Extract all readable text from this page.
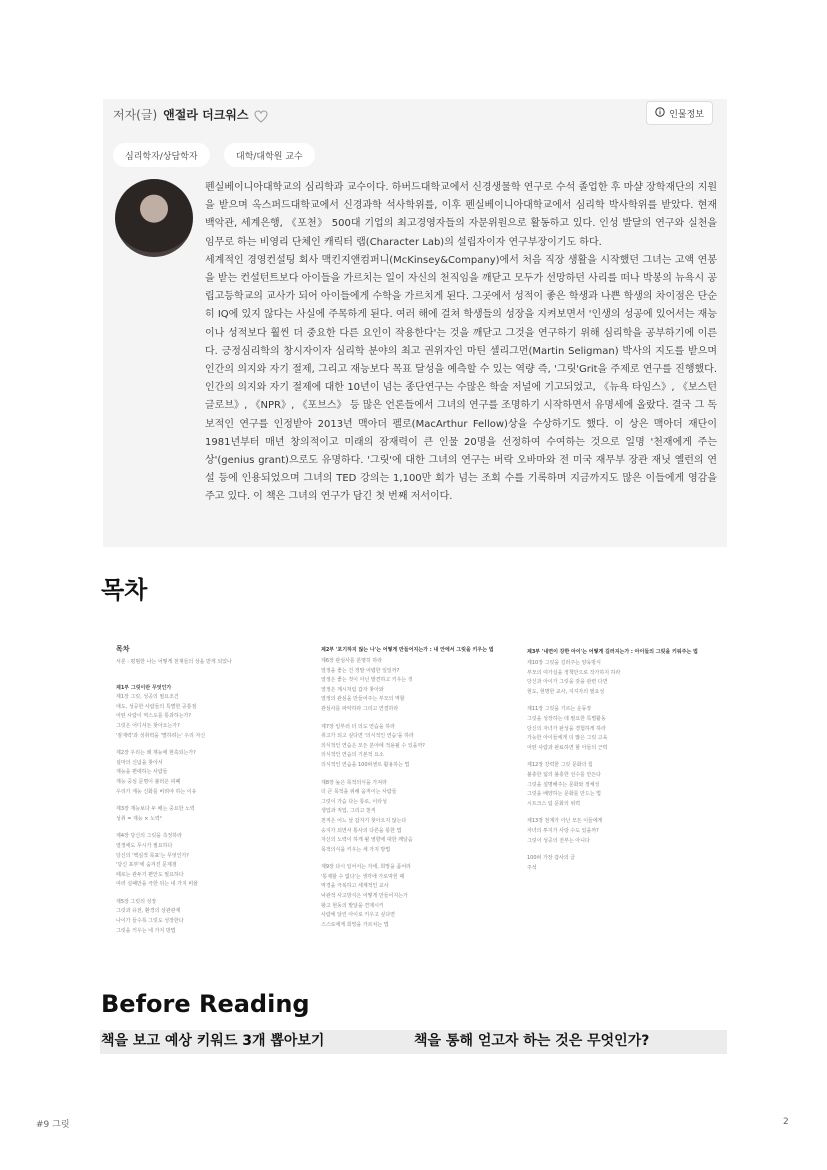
저자(글) 앤절라 더크워스	인물정보
심리학자/상담학자	대학/대학원 교수

펜실베이니아대학교의 심리학과 교수이다. 하버드대학교에서 신경생물학 연구로 수석 졸업한 후 마샬 장학재단의 지원을 받으며 옥스퍼드대학교에서 신경과학 석사학위를, 이후 펜실베이니아대학교에서 심리학 박사학위를 받았다. 현재 백악관, 세계은행, 《포천》 500대 기업의 최고경영자들의 자문위원으로 활동하고 있다. 인성 발달의 연구와 실천을 임무로 하는 비영리 단체인 캐릭터 랩(Character Lab)의 설립자이자 연구부장이기도 하다.

세계적인 경영컨설팅 회사 맥킨지앤컴퍼니(McKinsey&Company)에서 처음 직장 생활을 시작했던 그녀는 고액 연봉을 받는 컨설턴트보다 아이들을 가르치는 일이 자신의 천직임을 깨닫고 모두가 선망하던 사리를 떠나 박봉의 뉴욕시 공립고등학교의 교사가 되어 아이들에게 수학을 가르치게 된다. 그곳에서 성적이 좋은 학생과 나쁜 학생의 차이점은 단순히 IQ에 있지 않다는 사실에 주목하게 된다. 여러 해에 걸쳐 학생들의 성장을 지켜보면서 '인생의 성공에 있어서는 재능이나 성적보다 훨씬 더 중요한 다른 요인이 작용한다'는 것을 깨닫고 그것을 연구하기 위해 심리학을 공부하기에 이른다. 긍정심리학의 창시자이자 심리학 분야의 최고 권위자인 마틴 셀리그먼(Martin Seligman) 박사의 지도를 받으며 인간의 의지와 자기 절제, 그리고 재능보다 목표 달성을 예측할 수 있는 역량 즉, '그릿'Grit을 주제로 연구를 진행했다. 인간의 의지와 자기 절제에 대한 10년이 넘는 종단연구는 수많은 학술 저널에 기고되었고, 《뉴욕 타임스》, 《보스턴 글로브》, 《NPR》, 《포브스》 등 많은 언론들에서 그녀의 연구를 조명하기 시작하면서 유명세에 올랐다. 결국 그 독보적인 연구를 인정받아 2013년 맥아더 펠로(MacArthur Fellow)상을 수상하기도 했다. 이 상은 맥아더 재단이 1981년부터 매년 창의적이고 미래의 잠재력이 큰 인물 20명을 선정하여 수여하는 것으로 일명 '천재에게 주는 상'(genius grant)으로도 유명하다. '그릿'에 대한 그녀의 연구는 버락 오바마와 전 미국 재무부 장관 재닛 옐런의 연설 등에 인용되었으며 그녀의 TED 강의는 1,100만 회가 넘는 조회 수를 기록하며 지금까지도 많은 이들에게 영감을 주고 있다. 이 책은 그녀의 연구가 담긴 첫 번째 저서이다.

목차
목차
서론 : 평범한 나는 어떻게 천재들의 상을 받게 되었나
제1부 그릿이란 무엇인가
제1장 그릿, 성공의 필요조건
애도, 성공한 사람들의 특별한 공통점
어떤 사람이 역스도를 통과하는가?
그릿은 어디서든 찾아오는가?
'잠재력'과 성취력을 '별하려는' 우리 자신
제2장 우리는 왜 재능에 현혹되는가?
설마의 신념을 찾아서
재능을 편애하는 사람들
재능 중심 문명이 불러온 피폐
우리가 재능 신화를 버려야 하는 이유
제3장 재능보다 두 배는 중요한 노력
성취 = 재능 × 노력²
제4장 당신의 그릿을 측정하라
열정에도 무시가 필요하다
당신의 '핵심적 목표'는 무엇인가?
'당신 포부'에 숨겨진 문제점
때로는 관두기 편안도 필요하다
여러 실패만을 극한 뒤는 내 가지 비율
제5장 그릿의 성장
그릿과 유전, 환경의 상관관계
나이가 들수록 그릿도 성장한다
그릿을 키우는 네 가지 방법
제2부 '포기하지 않는 나'는 어떻게 만들어지는가 : 내 안에서 그릿을 키우는 법
제6장 관심사를 분명히 하라
열정을 좋는 건 정말 어렵한 일일까?
열정은 좋는 것이 아닌 발견하고 키우는 것
열정은 계시처럼 갑자 찾아와
열정의 관심을 만들어주는 부모의 역할
관심사를 파악하라 그리고 연결하라
제7장 일부러 더 의도 연습을 하라
취고가 되고 싶다면 '의식적인 연습'을 하라
의식적인 연습은 모든 분야에 적용될 수 있을까?
의식적인 연습의 기본적 요소
의식적인 연습을 100퍼센트 활용하는 법
제8장 높은 목적의식을 가져라
더 큰 목적을 위해 움직이는 사람들
그릿이 가슴 다는 통로, 이타성
생업과 직업, 그리고 천직
천직은 어느 날 갑자기 찾아오지 않는다
숭지가 되면서 통사의 다른을 통한 법
자신의 노력이 하게 될 영향에 대한 깨달음
목적의식을 키우는 세 가지 방법
제9장 다시 일어서는 자세, 희망을 품어라
'통제할 수 없다'는 생각에 가로막힌 때
역경을 극복하고 세계적인 교사
낙관적 사고방식은 어떻게 만들어지는가
왕고 현동의 발달을 견제시키
사람에 달린 아이로 키우고 싶다면
스스로에게 희망을 가르치는 법
제3부 '내면이 강한 아이'는 어떻게 길러지는가 : 아이들의 그릿을 키워주는 법
제10장 그릿을 길러주는 양육방식
부모의 여가실을 정책만으로 작가하지 하라
당신과 아이가 그릿을 갖을 관련 다면
현도, 현명한 교사, 지지자의 필요성
제11장 그릿을 기르는 운동장
그릿을 성장하는 데 필요한 특별활동
당신의 자녀가 완성을 경험하게 하라
가능한 아이들에게 더 많은 그릿 고육
어떤 사람과 완료하면 할 아들의 근력
제12장 강력한 그릿 문화의 힘
불충한 팀의 불충한 선수를 만든다
그릿을 설명해주는 문화와 정체성
그릿을 배양하는 문화를 만드는 법
시트크스 팀 문화의 위력
제13장 천재가 아닌 모든 이들에게
자녀의 투지가 사랑 수도 있을까?
그릿이 성공의 전부는 아니다
100퍼 가장 갑사의 글
주석
Before Reading
책을 보고 예상 키워드 3개 뽑아보기	책을 통해 얻고자 하는 것은 무엇인가?
#9 그릿	2
